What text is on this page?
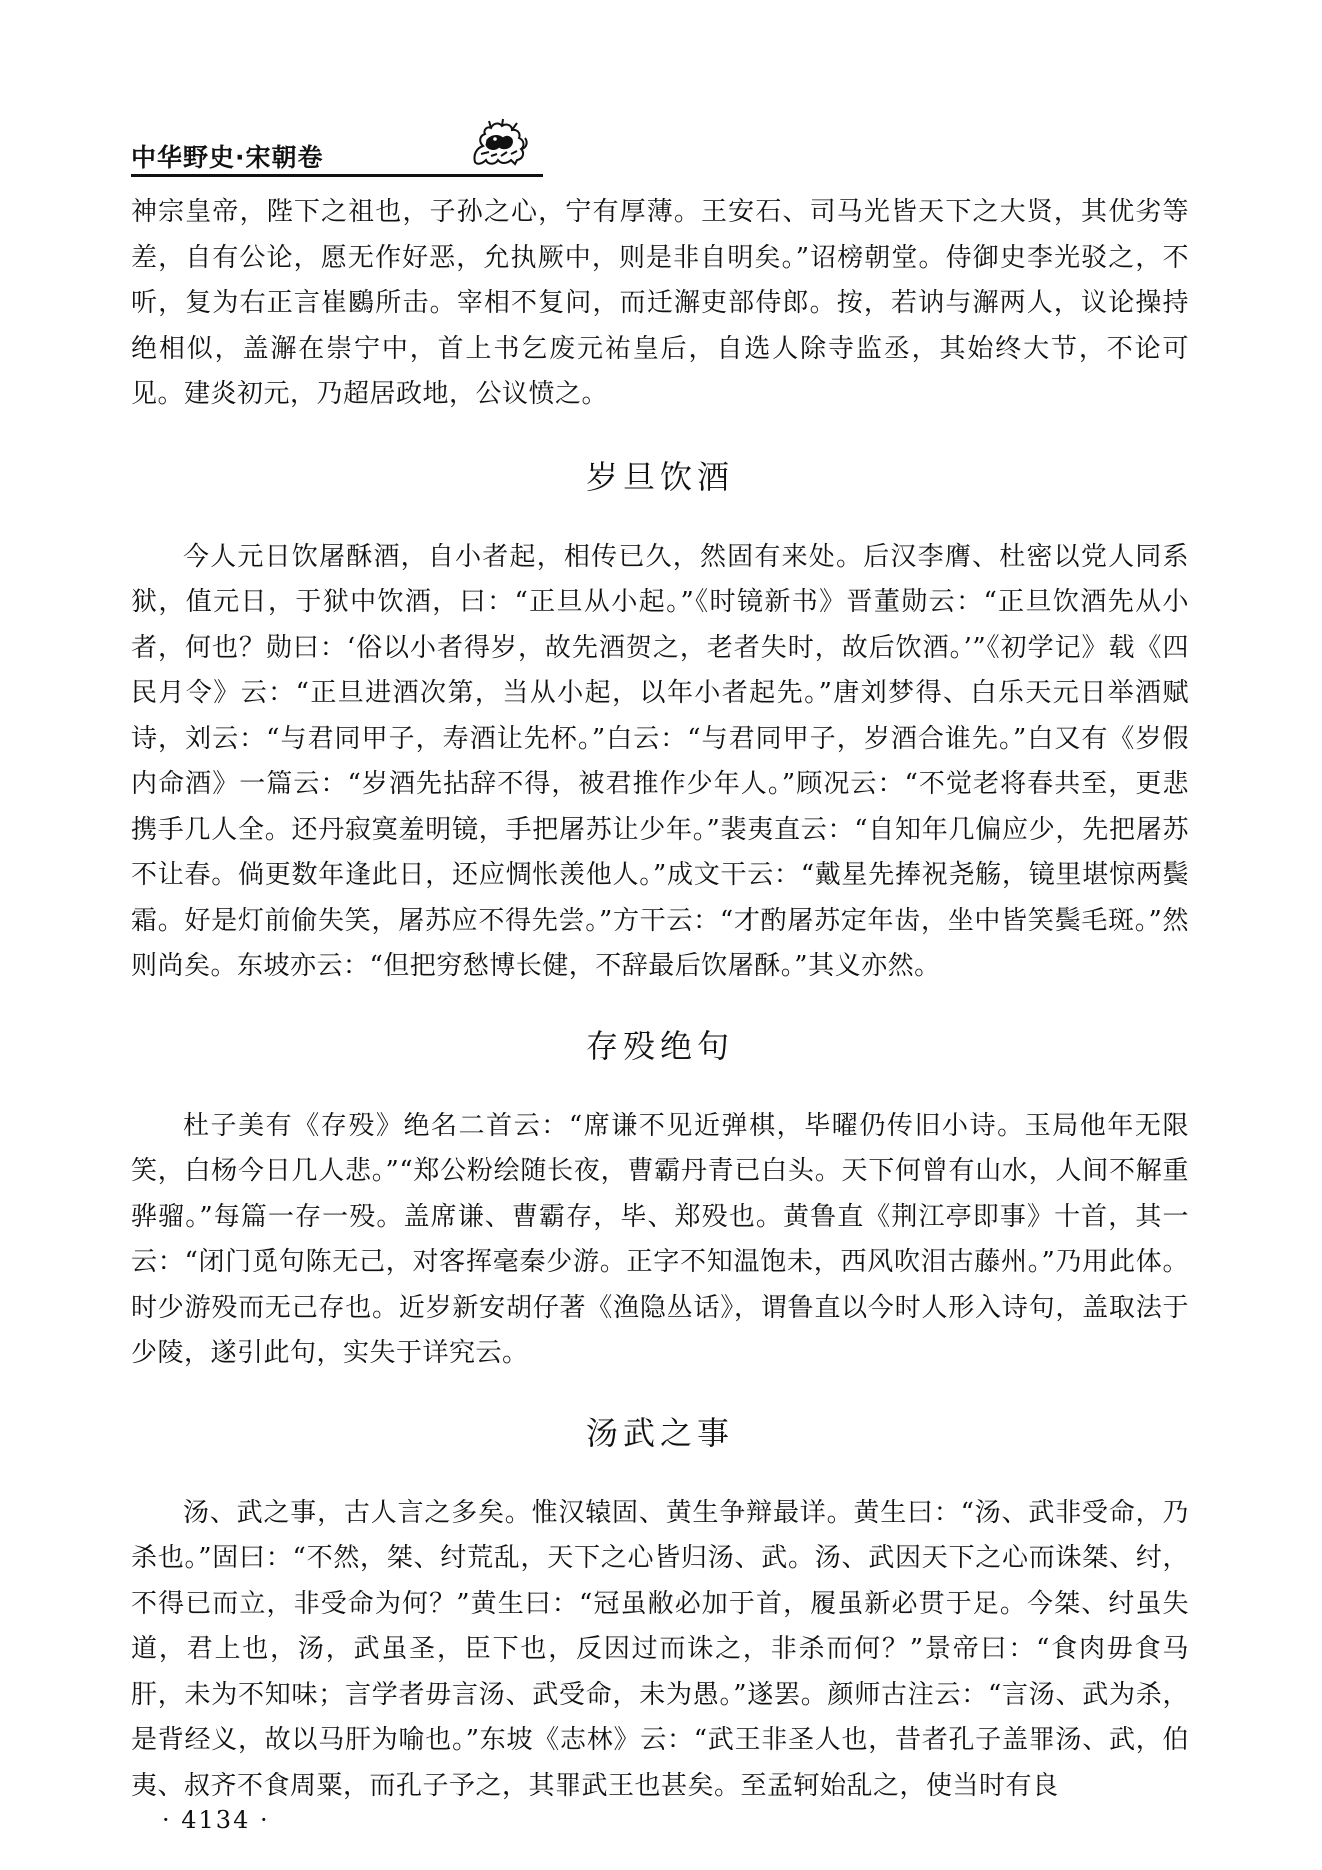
中华野史·宋朝卷

神宗皇帝，陛下之祖也，子孙之心，宁有厚薄。王安石、司马光皆天下之大贤，其优劣等差，自有公论，愿无作好恶，允执厥中，则是非自明矣。”诏榜朝堂。侍御史李光驳之，不听，复为右正言崔鶠所击。宰相不复问，而迁澥吏部侍郎。按，若讷与澥两人，议论操持绝相似，盖澥在崇宁中，首上书乞废元祐皇后，自选人除寺监丞，其始终大节，不论可见。建炎初元，乃超居政地，公议愤之。

岁旦饮酒

今人元日饮屠酥酒，自小者起，相传已久，然固有来处。后汉李膺、杜密以党人同系狱，值元日，于狱中饮酒，曰：“正旦从小起。”《时镜新书》晋董勋云：“正旦饮酒先从小者，何也？勋曰：‘俗以小者得岁，故先酒贺之，老者失时，故后饮酒。’”《初学记》载《四民月令》云：“正旦进酒次第，当从小起，以年小者起先。”唐刘梦得、白乐天元日举酒赋诗，刘云：“与君同甲子，寿酒让先杯。”白云：“与君同甲子，岁酒合谁先。”白又有《岁假内命酒》一篇云：“岁酒先拈辞不得，被君推作少年人。”顾况云：“不觉老将春共至，更悲携手几人全。还丹寂寞羞明镜，手把屠苏让少年。”裴夷直云：“自知年几偏应少，先把屠苏不让春。倘更数年逢此日，还应惆怅羡他人。”成文干云：“戴星先捧祝尧觞，镜里堪惊两鬓霜。好是灯前偷失笑，屠苏应不得先尝。”方干云：“才酌屠苏定年齿，坐中皆笑鬓毛斑。”然则尚矣。东坡亦云：“但把穷愁博长健，不辞最后饮屠酥。”其义亦然。

存殁绝句

杜子美有《存殁》绝名二首云：“席谦不见近弹棋，毕曜仍传旧小诗。玉局他年无限笑，白杨今日几人悲。”“郑公粉绘随长夜，曹霸丹青已白头。天下何曾有山水，人间不解重骅骝。”每篇一存一殁。盖席谦、曹霸存，毕、郑殁也。黄鲁直《荆江亭即事》十首，其一云：“闭门觅句陈无己，对客挥毫秦少游。正字不知温饱未，西风吹泪古藤州。”乃用此体。时少游殁而无己存也。近岁新安胡仔著《渔隐丛话》，谓鲁直以今时人形入诗句，盖取法于少陵，遂引此句，实失于详究云。

汤武之事

汤、武之事，古人言之多矣。惟汉辕固、黄生争辩最详。黄生曰：“汤、武非受命，乃杀也。”固曰：“不然，桀、纣荒乱，天下之心皆归汤、武。汤、武因天下之心而诛桀、纣，不得已而立，非受命为何？”黄生曰：“冠虽敝必加于首，履虽新必贯于足。今桀、纣虽失道，君上也，汤，武虽圣，臣下也，反因过而诛之，非杀而何？”景帝曰：“食肉毋食马肝，未为不知味；言学者毋言汤、武受命，未为愚。”遂罢。颜师古注云：“言汤、武为杀，是背经义，故以马肝为喻也。”东坡《志林》云：“武王非圣人也，昔者孔子盖罪汤、武，伯夷、叔齐不食周粟，而孔子予之，其罪武王也甚矣。至孟轲始乱之，使当时有良

· 4134 ·
